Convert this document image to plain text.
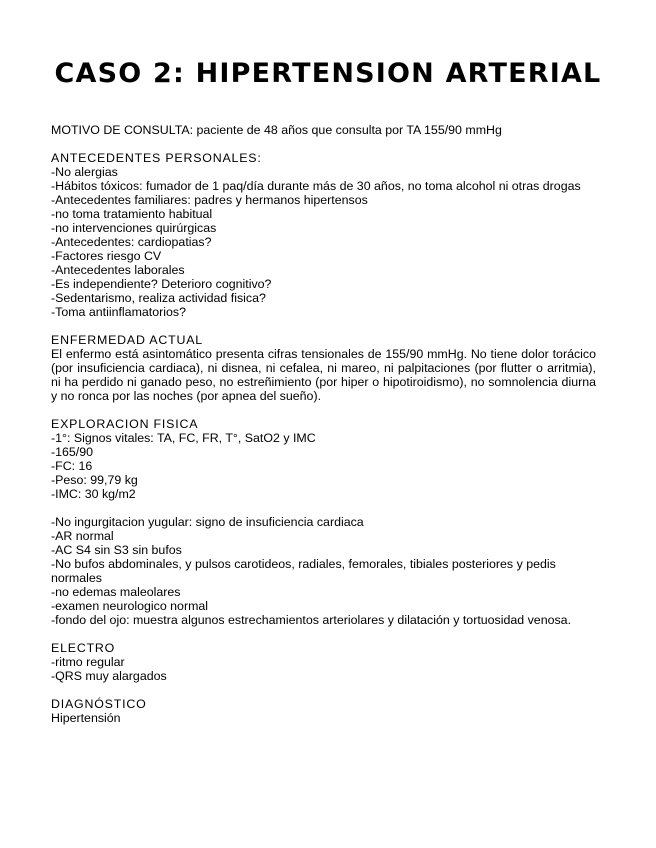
CASO 2: HIPERTENSION ARTERIAL

MOTIVO DE CONSULTA: paciente de 48 años que consulta por TA 155/90 mmHg

ANTECEDENTES PERSONALES:

-No alergias

-Hábitos tóxicos: fumador de 1 paq/día durante más de 30 años, no toma alcohol ni otras drogas

-Antecedentes familiares: padres y hermanos hipertensos

-no toma tratamiento habitual

-no intervenciones quirúrgicas

-Antecedentes: cardiopatias?

-Factores riesgo CV

-Antecedentes laborales

-Es independiente? Deterioro cognitivo?

-Sedentarismo, realiza actividad fisica?

-Toma antiinflamatorios?

ENFERMEDAD ACTUAL

El enfermo está asintomático presenta cifras tensionales de 155/90 mmHg. No tiene dolor torácico (por insuficiencia cardiaca), ni disnea, ni cefalea, ni mareo, ni palpitaciones (por flutter o arritmia), ni ha perdido ni ganado peso, no estreñimiento (por hiper o hipotiroidismo), no somnolencia diurna y no ronca por las noches (por apnea del sueño).

EXPLORACION FISICA

-1°: Signos vitales: TA, FC, FR, T°, SatO2 y IMC

-165/90

-FC: 16

-Peso: 99,79 kg

-IMC: 30 kg/m2

-No ingurgitacion yugular: signo de insuficiencia cardiaca

-AR normal

-AC S4 sin S3 sin bufos

-No bufos abdominales, y pulsos carotideos, radiales, femorales, tibiales posteriores y pedis normales

-no edemas maleolares

-examen neurologico normal

-fondo del ojo: muestra algunos estrechamientos arteriolares y dilatación y tortuosidad venosa.

ELECTRO

-ritmo regular

-QRS muy alargados

DIAGNÓSTICO

Hipertensión
